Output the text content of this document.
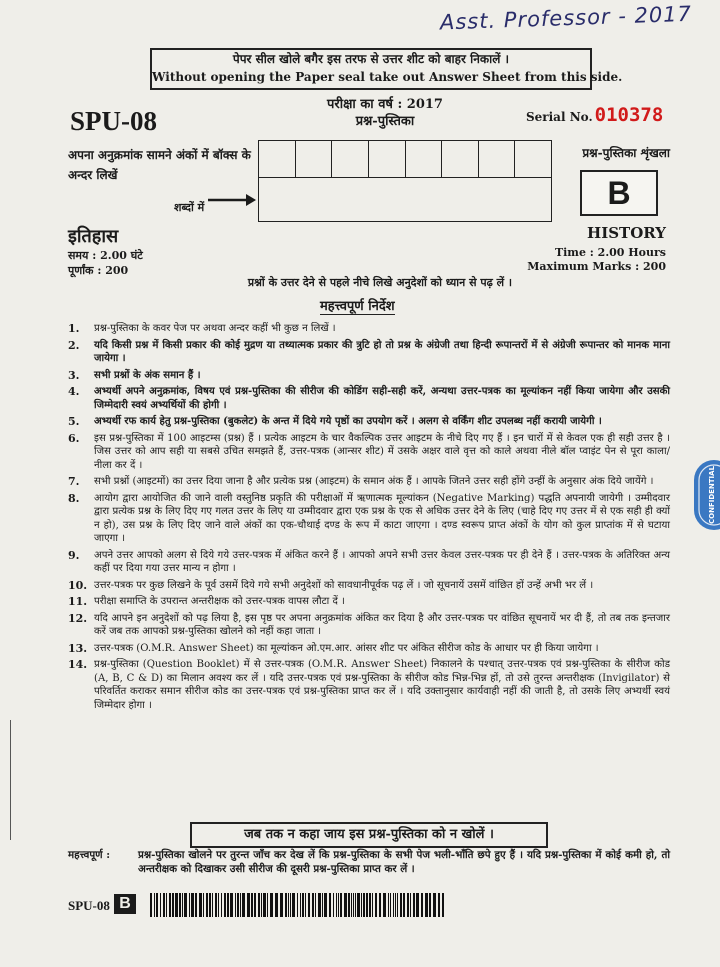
Asst. Professor - 2017
पेपर सील खोले बगैर इस तरफ से उत्तर शीट को बाहर निकालें ।
Without opening the Paper seal take out Answer Sheet from this side.
SPU-08
परीक्षा का वर्ष : 2017
प्रश्न-पुस्तिका	Serial No. 010378
अपना अनुक्रमांक सामने अंकों में बॉक्स के अन्दर लिखें
शब्दों में
प्रश्न-पुस्तिका शृंखला
B
इतिहास	HISTORY
समय : 2.00 घंटे
पूर्णांक : 200
Time : 2.00 Hours
Maximum Marks : 200
प्रश्नों के उत्तर देने से पहले नीचे लिखे अनुदेशों को ध्यान से पढ़ लें ।
महत्त्वपूर्ण निर्देश
1.	प्रश्न-पुस्तिका के कवर पेज पर अथवा अन्दर कहीं भी कुछ न लिखें ।
2.	यदि किसी प्रश्न में किसी प्रकार की कोई मुद्रण या तथ्यात्मक प्रकार की त्रुटि हो तो प्रश्न के अंग्रेजी तथा हिन्दी रूपान्तरों में से अंग्रेजी रूपान्तर को मानक माना जायेगा ।
3.	सभी प्रश्नों के अंक समान हैं ।
4.	अभ्यर्थी अपने अनुक्रमांक, विषय एवं प्रश्न-पुस्तिका की सीरीज की कोडिंग सही-सही करें, अन्यथा उत्तर-पत्रक का मूल्यांकन नहीं किया जायेगा और उसकी जिम्मेदारी स्वयं अभ्यर्थियों की होगी ।
5.	अभ्यर्थी रफ कार्य हेतु प्रश्न-पुस्तिका (बुकलेट) के अन्त में दिये गये पृष्ठों का उपयोग करें । अलग से वर्किंग शीट उपलब्ध नहीं करायी जायेगी ।
6.	इस प्रश्न-पुस्तिका में 100 आइटम्स (प्रश्न) हैं । प्रत्येक आइटम के चार वैकल्पिक उत्तर आइटम के नीचे दिए गए हैं । इन चारों में से केवल एक ही सही उत्तर है । जिस उत्तर को आप सही या सबसे उचित समझते हैं, उत्तर-पत्रक (आन्सर शीट) में उसके अक्षर वाले वृत्त को काले अथवा नीले बॉल प्वाइंट पेन से पूरा काला/नीला कर दें ।
7.	सभी प्रश्नों (आइटमों) का उत्तर दिया जाना है और प्रत्येक प्रश्न (आइटम) के समान अंक हैं । आपके जितने उत्तर सही होंगे उन्हीं के अनुसार अंक दिये जायेंगे ।
8.	आयोग द्वारा आयोजित की जाने वाली वस्तुनिष्ठ प्रकृति की परीक्षाओं में ऋणात्मक मूल्यांकन (Negative Marking) पद्धति अपनायी जायेगी । उम्मीदवार द्वारा प्रत्येक प्रश्न के लिए दिए गए गलत उत्तर के लिए या उम्मीदवार द्वारा एक प्रश्न के एक से अधिक उत्तर देने के लिए (चाहे दिए गए उत्तर में से एक सही ही क्यों न हो), उस प्रश्न के लिए दिए जाने वाले अंकों का एक-चौथाई दण्ड के रूप में काटा जाएगा । दण्ड स्वरूप प्राप्त अंकों के योग को कुल प्राप्तांक में से घटाया जाएगा ।
9.	अपने उत्तर आपको अलग से दिये गये उत्तर-पत्रक में अंकित करने हैं । आपको अपने सभी उत्तर केवल उत्तर-पत्रक पर ही देने हैं । उत्तर-पत्रक के अतिरिक्त अन्य कहीं पर दिया गया उत्तर मान्य न होगा ।
10. उत्तर-पत्रक पर कुछ लिखने के पूर्व उसमें दिये गये सभी अनुदेशों को सावधानीपूर्वक पढ़ लें । जो सूचनायें उसमें वांछित हों उन्हें अभी भर लें ।
11. परीक्षा समाप्ति के उपरान्त अन्तरीक्षक को उत्तर-पत्रक वापस लौटा दें ।
12. यदि आपने इन अनुदेशों को पढ़ लिया है, इस पृष्ठ पर अपना अनुक्रमांक अंकित कर दिया है और उत्तर-पत्रक पर वांछित सूचनायें भर दी हैं, तो तब तक इन्तजार करें जब तक आपको प्रश्न-पुस्तिका खोलने को नहीं कहा जाता ।
13. उत्तर-पत्रक (O.M.R. Answer Sheet) का मूल्यांकन ओ.एम.आर. आंसर शीट पर अंकित सीरीज कोड के आधार पर ही किया जायेगा ।
14. प्रश्न-पुस्तिका (Question Booklet) में से उत्तर-पत्रक (O.M.R. Answer Sheet) निकालने के पश्चात् उत्तर-पत्रक एवं प्रश्न-पुस्तिका के सीरीज कोड (A, B, C & D) का मिलान अवश्य कर लें । यदि उत्तर-पत्रक एवं प्रश्न-पुस्तिका के सीरीज कोड भिन्न-भिन्न हों, तो उसे तुरन्त अन्तरीक्षक (Invigilator) से परिवर्तित कराकर समान सीरीज कोड का उत्तर-पत्रक एवं प्रश्न-पुस्तिका प्राप्त कर लें । यदि उक्तानुसार कार्यवाही नहीं की जाती है, तो उसके लिए अभ्यर्थी स्वयं जिम्मेदार होगा ।
जब तक न कहा जाय इस प्रश्न-पुस्तिका को न खोलें ।
महत्त्वपूर्ण :	प्रश्न-पुस्तिका खोलने पर तुरन्त जाँच कर देख लें कि प्रश्न-पुस्तिका के सभी पेज भली-भाँति छपे हुए हैं । यदि प्रश्न-पुस्तिका में कोई कमी हो, तो अन्तरीक्षक को दिखाकर उसी सीरीज की दूसरी प्रश्न-पुस्तिका प्राप्त कर लें ।
SPU-08 B
CONFIDENTIAL
